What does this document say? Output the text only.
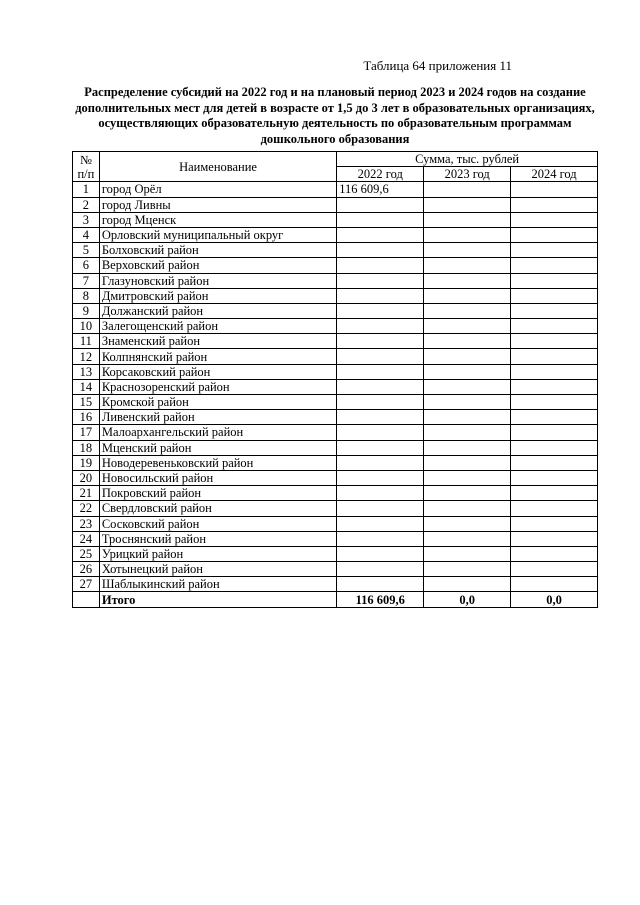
Таблица 64 приложения 11
Распределение субсидий на 2022 год и на плановый период 2023 и 2024 годов на создание дополнительных мест для детей в возрасте от 1,5 до 3 лет в образовательных организациях, осуществляющих образовательную деятельность по образовательным программам дошкольного образования
№
п/п	Наименование	Сумма, тыс. рублей		
		2022 год	2023 год	2024 год
1	город Орёл	116 609,6		
2	город Ливны			
3	город Мценск			
4	Орловский муниципальный округ			
5	Болховский район			
6	Верховский район			
7	Глазуновский район			
8	Дмитровский район			
9	Должанский район			
10	Залегощенский район			
11	Знаменский район			
12	Колпнянский район			
13	Корсаковский район			
14	Краснозоренский район			
15	Кромской район			
16	Ливенский район			
17	Малоархангельский район			
18	Мценский район			
19	Новодеревеньковский район			
20	Новосильский район			
21	Покровский район			
22	Свердловский район			
23	Сосковский район			
24	Троснянский район			
25	Урицкий район			
26	Хотынецкий район			
27	Шаблыкинский район			
	Итого	116 609,6	0,0	0,0
